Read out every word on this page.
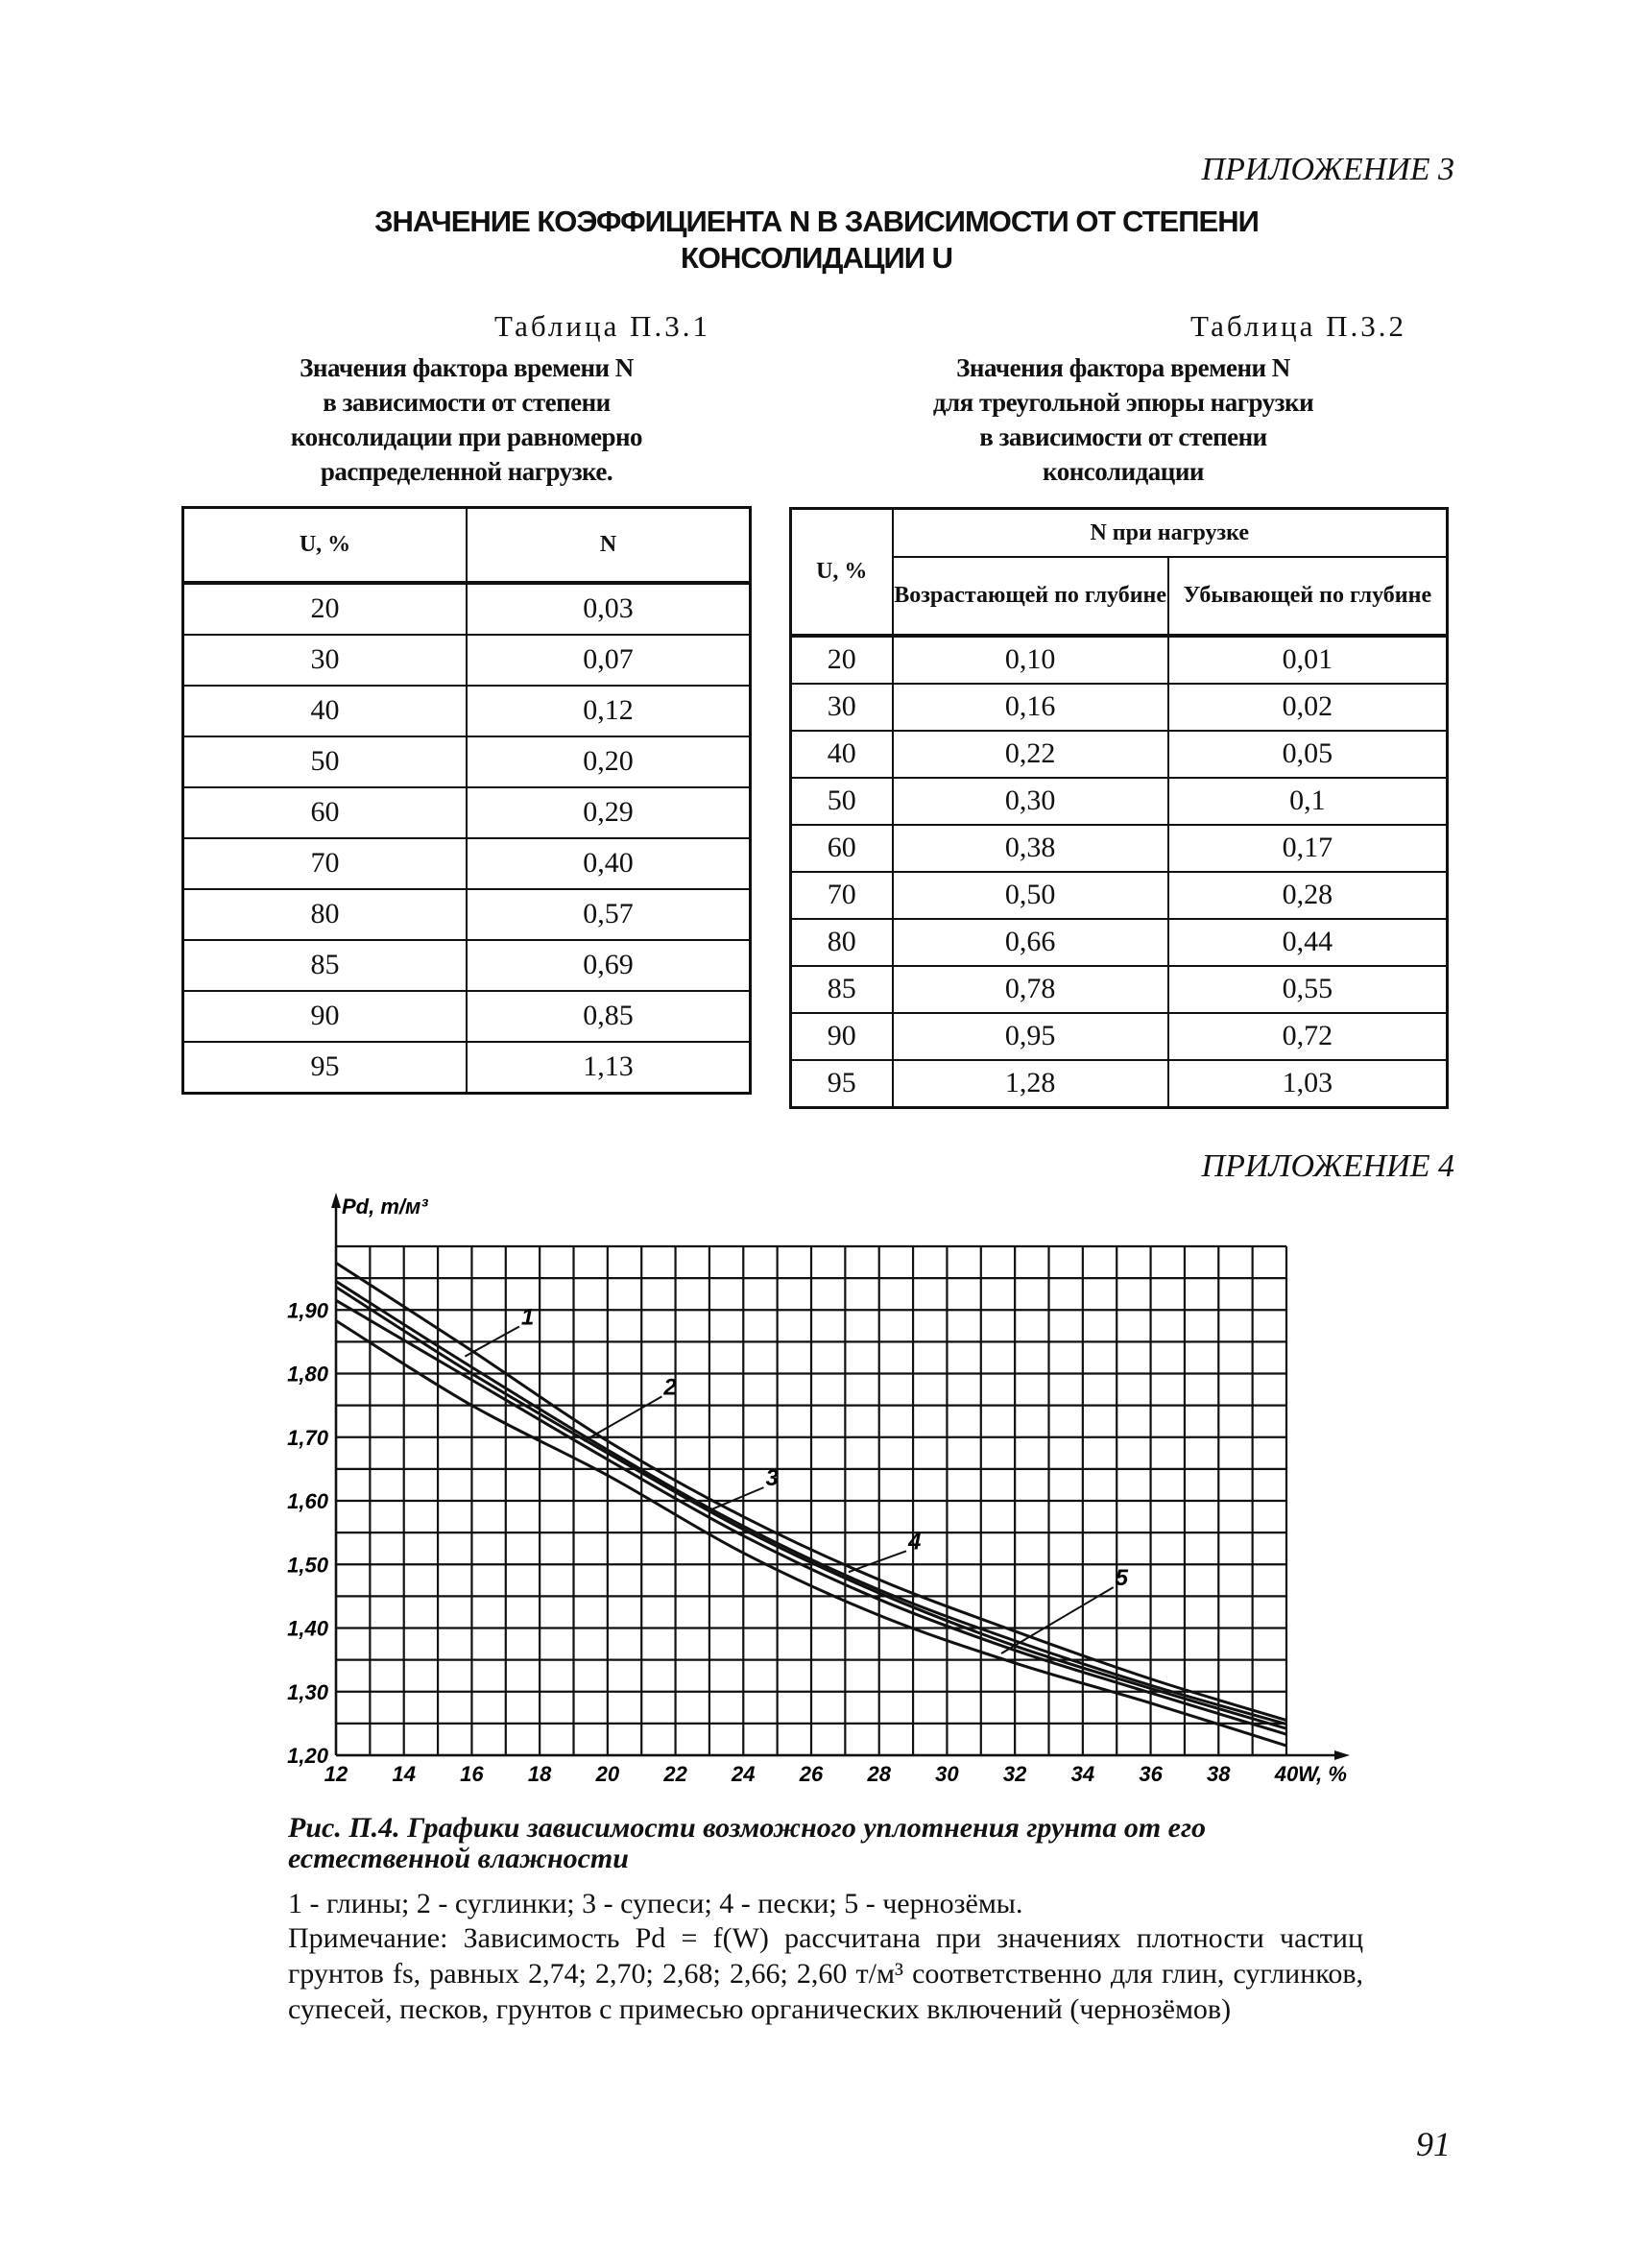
ПРИЛОЖЕНИЕ 3
ЗНАЧЕНИЕ КОЭФФИЦИЕНТА N В ЗАВИСИМОСТИ ОТ СТЕПЕНИ
КОНСОЛИДАЦИИ U
Таблица П.3.1
Значения фактора времени N
в зависимости от степени
консолидации при равномерно
распределенной нагрузке.
U, %	N
20	0,03
30	0,07
40	0,12
50	0,20
60	0,29
70	0,40
80	0,57
85	0,69
90	0,85
95	1,13
Таблица П.3.2
Значения фактора времени N
для треугольной эпюры нагрузки
в зависимости от степени
консолидации
U, %	N при нагрузке	
	Возрастающей по глубине	Убывающей по глубине
20	0,10	0,01
30	0,16	0,02
40	0,22	0,05
50	0,30	0,1
60	0,38	0,17
70	0,50	0,28
80	0,66	0,44
85	0,78	0,55
90	0,95	0,72
95	1,28	1,03
ПРИЛОЖЕНИЕ 4
Pd, т/м³
W, %
12 14 16 18 20 22 24 26 28 30 32 34 36 38 40
1,20
1,30
1,40
1,50
1,60
1,70
1,80
1,90	1
2
3
4
5
Рис. П.4. Графики зависимости возможного уплотнения грунта от его естественной влажности
1 - глины; 2 - суглинки; 3 - супеси; 4 - пески; 5 - чернозёмы.
Примечание: Зависимость Pd = f(W) рассчитана при значениях плотности частиц грунтов fs, равных 2,74; 2,70; 2,68; 2,66; 2,60 т/м³ соответственно для глин, суглинков, супесей, песков, грунтов с примесью органических включений (чернозёмов)
91
